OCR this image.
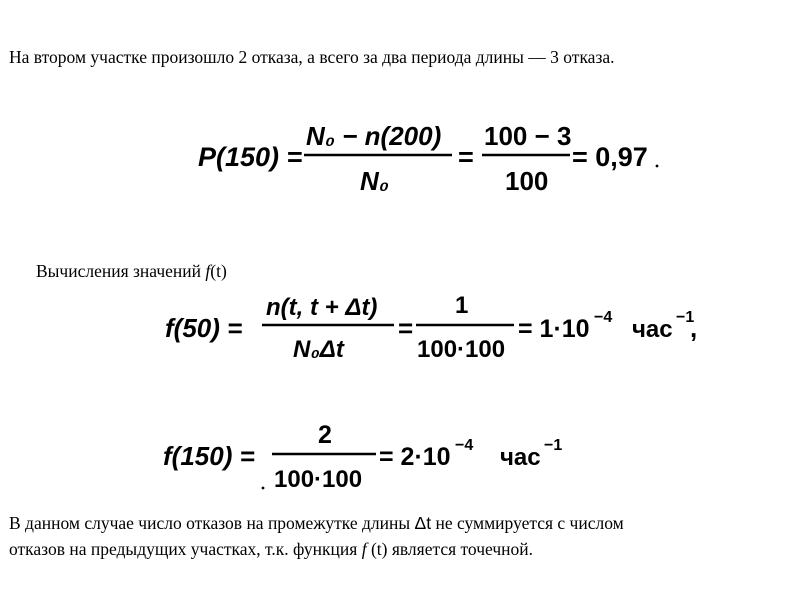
На втором участке произошло 2 отказа, а всего за два периода длины — 3 отказа.
P(150) =
N₀ − n(200)
N₀
=
100 − 3
100
= 0,97
Вычисления значений f(t)
f(50) =
n(t, t + Δt)
N₀Δt
=
1
100·100
= 1·10 −4 час −1
,
f(150) =
2
100·100
= 2·10 −4 час −1
В данном случае число отказов на промежутке длины Δt не суммируется с числом
отказов на предыдущих участках, т.к. функция f (t) является точечной.
